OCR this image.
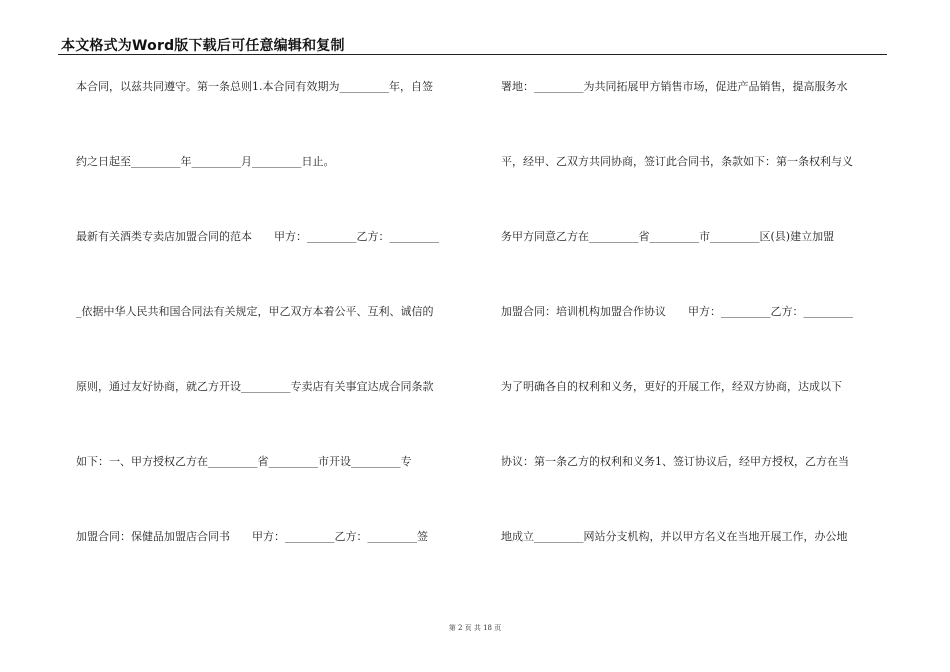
本文格式为Word版下载后可任意编辑和复制
本合同，以兹共同遵守。第一条总则1.本合同有效期为_________年，自签
约之日起至_________年_________月_________日止。
最新有关酒类专卖店加盟合同的范本　　甲方：_________乙方：_________
_依据中华人民共和国合同法有关规定，甲乙双方本着公平、互利、诚信的
原则，通过友好协商，就乙方开设_________专卖店有关事宜达成合同条款
如下：一、甲方授权乙方在_________省_________市开设_________专
加盟合同：保健品加盟店合同书　　甲方：_________乙方：_________签
署地：_________为共同拓展甲方销售市场，促进产品销售，提高服务水
平，经甲、乙双方共同协商，签订此合同书，条款如下：第一条权利与义
务甲方同意乙方在_________省_________市_________区(县)建立加盟
加盟合同：培训机构加盟合作协议　　甲方：_________乙方：_________
为了明确各自的权利和义务，更好的开展工作，经双方协商，达成以下
协议：第一条乙方的权利和义务1、签订协议后，经甲方授权，乙方在当
地成立_________网站分支机构，并以甲方名义在当地开展工作，办公地
第 2 页 共 18 页
